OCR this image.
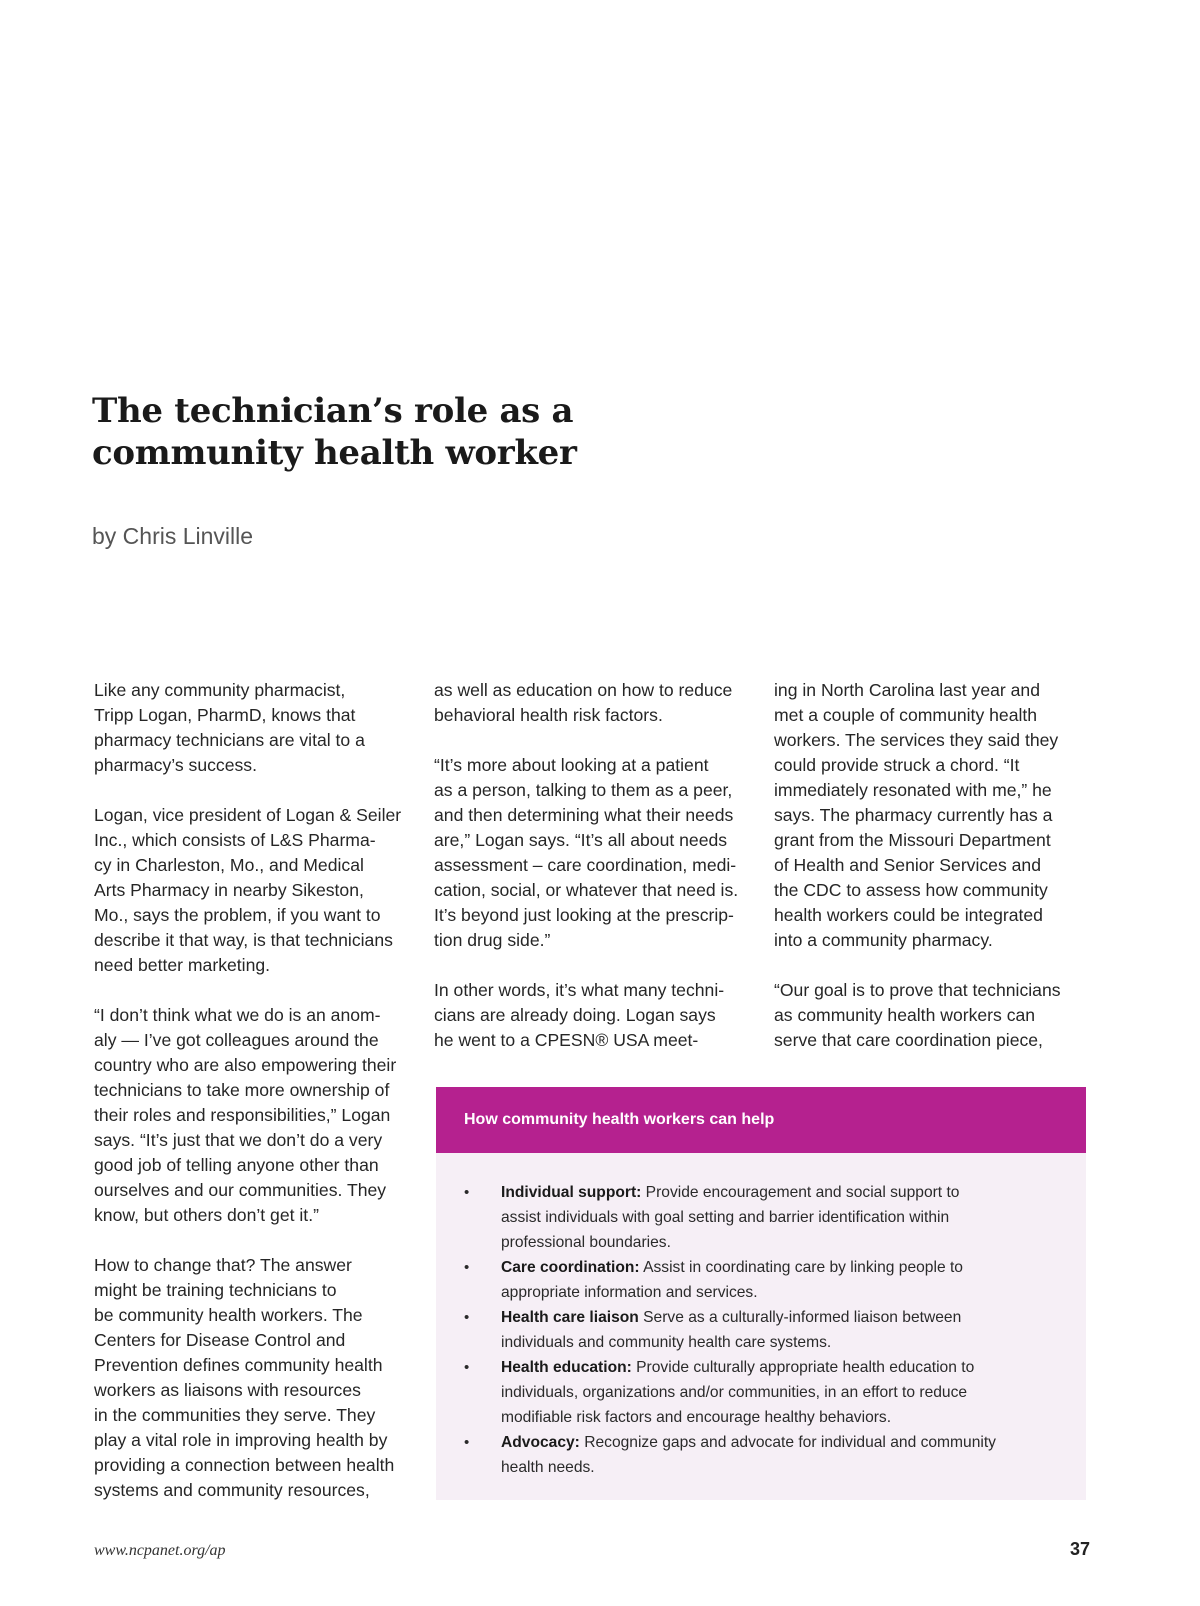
The technician’s role as a
community health worker
by Chris Linville

Like any community pharmacist,
Tripp Logan, PharmD, knows that
pharmacy technicians are vital to a
pharmacy’s success.

Logan, vice president of Logan & Seiler
Inc., which consists of L&S Pharma-
cy in Charleston, Mo., and Medical
Arts Pharmacy in nearby Sikeston,
Mo., says the problem, if you want to
describe it that way, is that technicians
need better marketing.

“I don’t think what we do is an anom-
aly — I’ve got colleagues around the
country who are also empowering their
technicians to take more ownership of
their roles and responsibilities,” Logan
says. “It’s just that we don’t do a very
good job of telling anyone other than
ourselves and our communities. They
know, but others don’t get it.”

How to change that? The answer
might be training technicians to
be community health workers. The
Centers for Disease Control and
Prevention defines community health
workers as liaisons with resources
in the communities they serve. They
play a vital role in improving health by
providing a connection between health
systems and community resources,

as well as education on how to reduce
behavioral health risk factors.

“It’s more about looking at a patient
as a person, talking to them as a peer,
and then determining what their needs
are,” Logan says. “It’s all about needs
assessment – care coordination, medi-
cation, social, or whatever that need is.
It’s beyond just looking at the prescrip-
tion drug side.”

In other words, it’s what many techni-
cians are already doing. Logan says
he went to a CPESN® USA meet-

ing in North Carolina last year and
met a couple of community health
workers. The services they said they
could provide struck a chord. “It
immediately resonated with me,” he
says. The pharmacy currently has a
grant from the Missouri Department
of Health and Senior Services and
the CDC to assess how community
health workers could be integrated
into a community pharmacy.

“Our goal is to prove that technicians
as community health workers can
serve that care coordination piece,

How community health workers can help
• Individual support: Provide encouragement and social support to
assist individuals with goal setting and barrier identification within
professional boundaries.
• Care coordination: Assist in coordinating care by linking people to
appropriate information and services.
• Health care liaison Serve as a culturally-informed liaison between
individuals and community health care systems.
• Health education: Provide culturally appropriate health education to
individuals, organizations and/or communities, in an effort to reduce
modifiable risk factors and encourage healthy behaviors.
• Advocacy: Recognize gaps and advocate for individual and community
health needs.
www.ncpanet.org/ap	37
